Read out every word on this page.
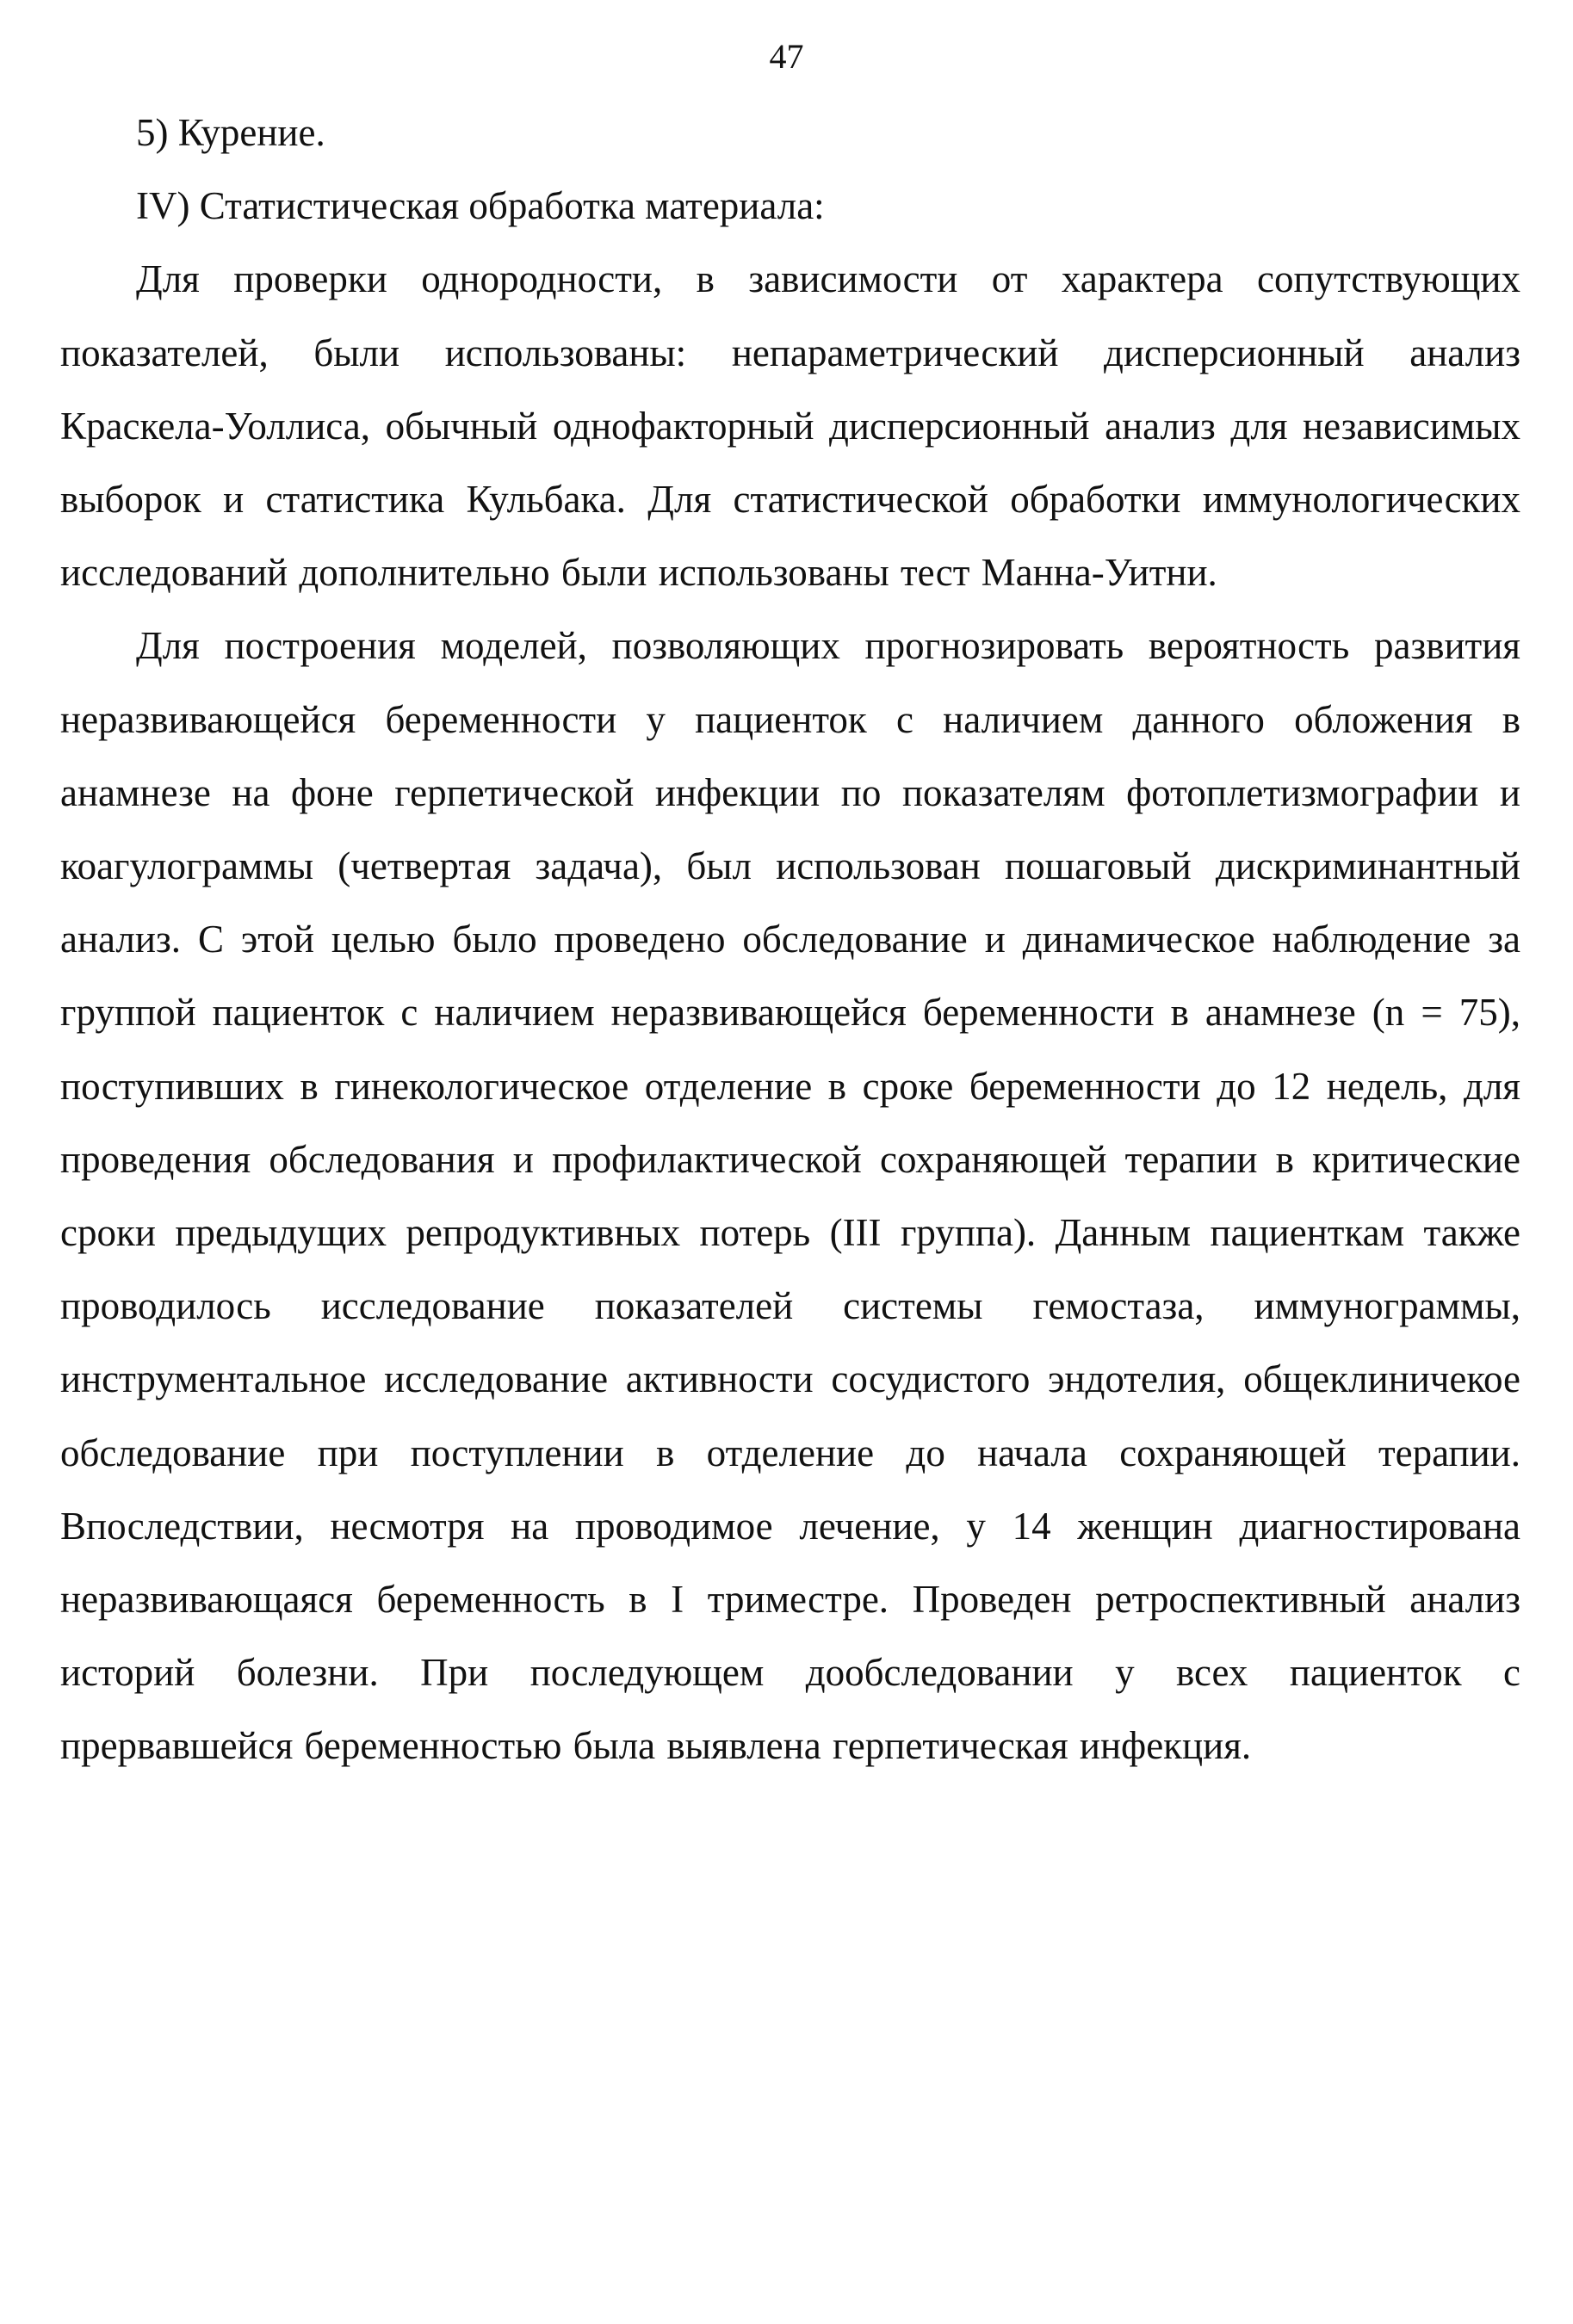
47

5) Курение.

IV) Статистическая обработка материала:

Для проверки однородности, в зависимости от характера сопутствующих показателей, были использованы: непараметрический дисперсионный анализ Краскела-Уоллиса, обычный однофакторный дисперсионный анализ для независимых выборок и статистика Кульбака. Для статистической обработки иммунологических исследований дополнительно были использованы тест Манна-Уитни.

Для построения моделей, позволяющих прогнозировать вероятность развития неразвивающейся беременности у пациенток с наличием данного обложения в анамнезе на фоне герпетической инфекции по показателям фотоплетизмографии и коагулограммы (четвертая задача), был использован пошаговый дискриминантный анализ. С этой целью было проведено обследование и динамическое наблюдение за группой пациенток с наличием неразвивающейся беременности в анамнезе (n = 75), поступивших в гинекологическое отделение в сроке беременности до 12 недель, для проведения обследования и профилактической сохраняющей терапии в критические сроки предыдущих репродуктивных потерь (III группа). Данным пациенткам также проводилось исследование показателей системы гемостаза, иммунограммы, инструментальное исследование активности сосудистого эндотелия, общеклиничекое обследование при поступлении в отделение до начала сохраняющей терапии. Впоследствии, несмотря на проводимое лечение, у 14 женщин диагностирована неразвивающаяся беременность в I триместре. Проведен ретроспективный анализ историй болезни. При последующем дообследовании у всех пациенток с прервавшейся беременностью была выявлена герпетическая инфекция.
